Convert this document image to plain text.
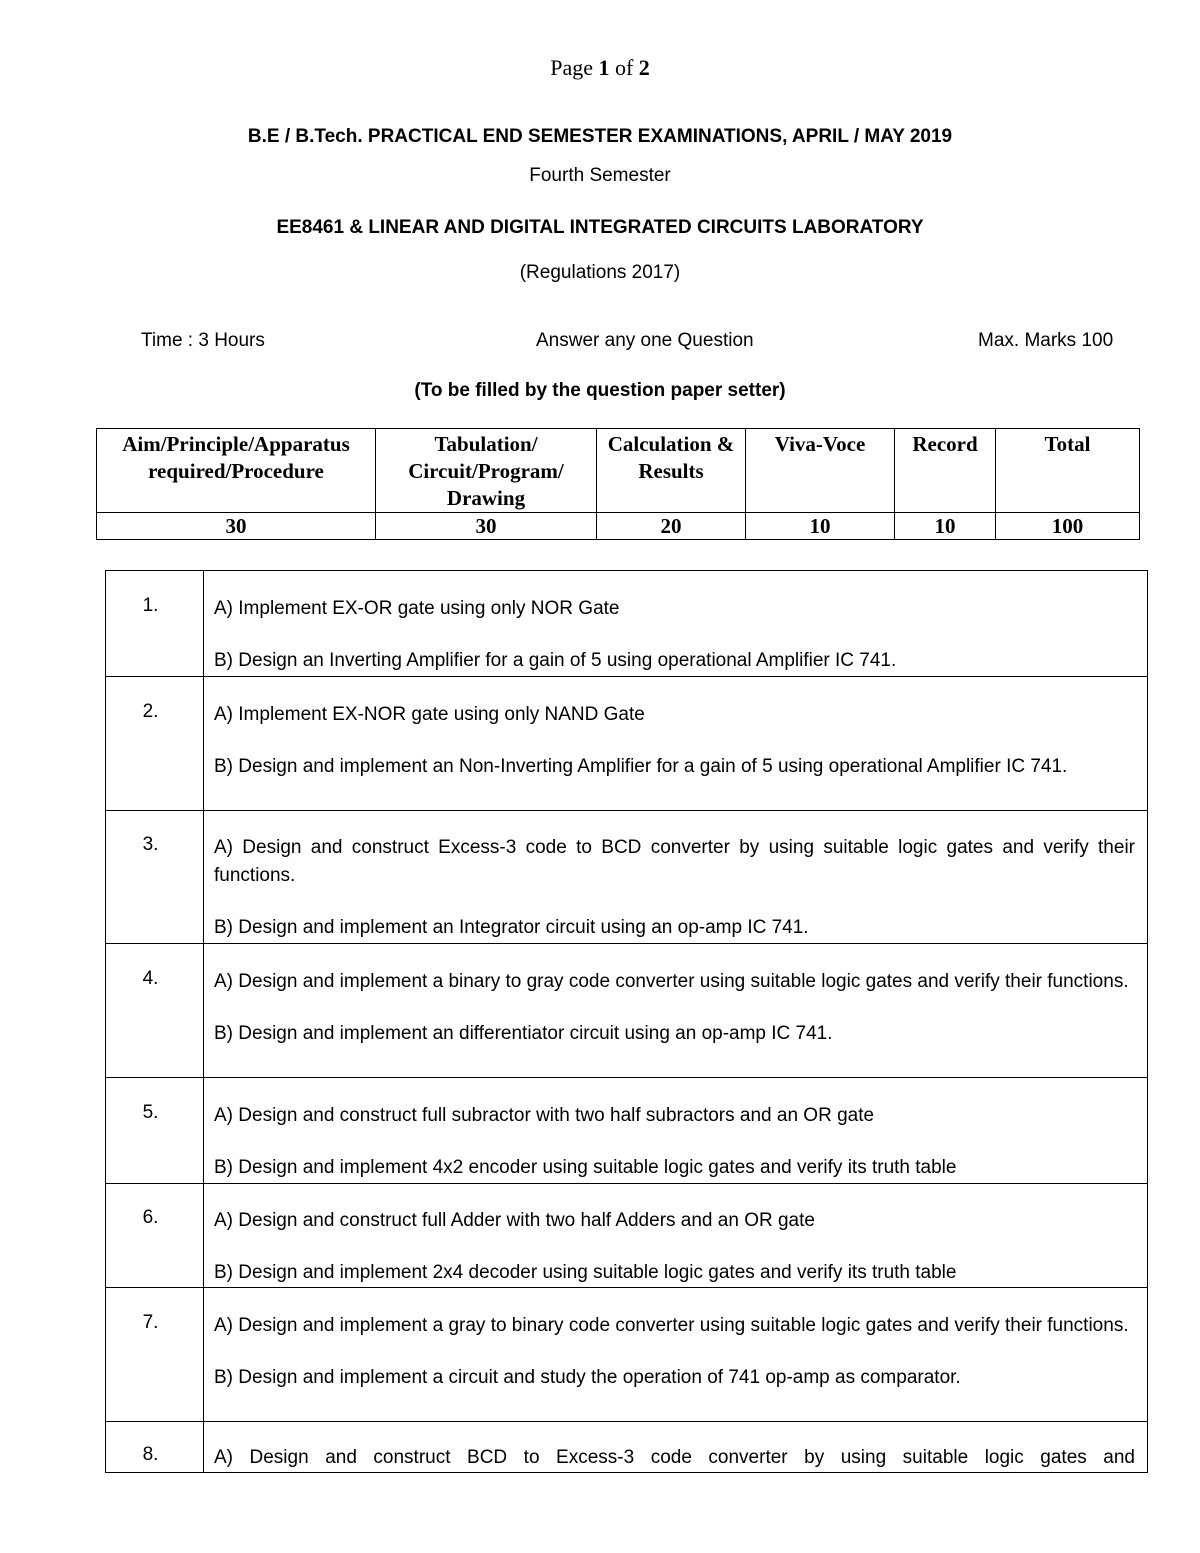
Page 1 of 2
B.E / B.Tech. PRACTICAL END SEMESTER EXAMINATIONS, APRIL / MAY 2019
Fourth Semester
EE8461 & LINEAR AND DIGITAL INTEGRATED CIRCUITS LABORATORY
(Regulations 2017)
Time : 3 Hours	Answer any one Question	Max. Marks 100
(To be filled by the question paper setter)
Aim/Principle/Apparatus required/Procedure	Tabulation/ Circuit/Program/ Drawing	Calculation & Results	Viva-Voce	Record	Total
30	30	20	10	10	100
1.	A) Implement EX-OR gate using only NOR Gate
B) Design an Inverting Amplifier for a gain of 5 using operational Amplifier IC 741.

2.	A) Implement EX-NOR gate using only NAND Gate
B) Design and implement an Non-Inverting Amplifier for a gain of 5 using operational Amplifier IC 741.

3.	A) Design and construct Excess-3 code to BCD converter by using suitable logic gates and verify their functions.
B) Design and implement an Integrator circuit using an op-amp IC 741.

4.	A) Design and implement a binary to gray code converter using suitable logic gates and verify their functions.
B) Design and implement an differentiator circuit using an op-amp IC 741.

5.	A) Design and construct full subractor with two half subractors and an OR gate
B) Design and implement 4x2 encoder using suitable logic gates and verify its truth table

6.	A) Design and construct full Adder with two half Adders and an OR gate
B) Design and implement 2x4 decoder using suitable logic gates and verify its truth table

7.	A) Design and implement a gray to binary code converter using suitable logic gates and verify their functions.
B) Design and implement a circuit and study the operation of 741 op-amp as comparator.

8.	A) Design and construct BCD to Excess-3 code converter by using suitable logic gates and
